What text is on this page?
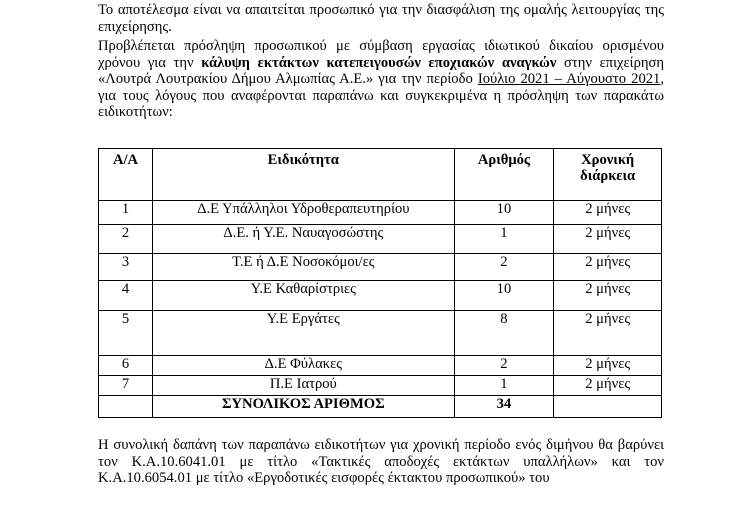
Το αποτέλεσμα είναι να απαιτείται προσωπικό για την διασφάλιση της ομαλής λειτουργίας της επιχείρησης.
Προβλέπεται πρόσληψη προσωπικού με σύμβαση εργασίας ιδιωτικού δικαίου ορισμένου χρόνου για την κάλυψη εκτάκτων κατεπειγουσών εποχιακών αναγκών στην επιχείρηση «Λουτρά Λουτρακίου Δήμου Αλμωπίας Α.Ε.» για την περίοδο Ιούλιο 2021 – Αύγουστο 2021, για τους λόγους που αναφέρονται παραπάνω και συγκεκριμένα η πρόσληψη των παρακάτω ειδικοτήτων:
Α/Α	Ειδικότητα	Αριθμός	Χρονική διάρκεια
1	Δ.Ε Υπάλληλοι Υδροθεραπευτηρίου	10	2 μήνες
2	Δ.Ε. ή Υ.Ε. Ναυαγοσώστης	1	2 μήνες
3	Τ.Ε ή Δ.Ε Νοσοκόμοι/ες	2	2 μήνες
4	Υ.Ε Καθαρίστριες	10	2 μήνες
5	Υ.Ε Εργάτες	8	2 μήνες
6	Δ.Ε Φύλακες	2	2 μήνες
7	Π.Ε Ιατρού	1	2 μήνες
	ΣΥΝΟΛΙΚΟΣ ΑΡΙΘΜΟΣ	34	
Η συνολική δαπάνη των παραπάνω ειδικοτήτων για χρονική περίοδο ενός διμήνου θα βαρύνει τον Κ.Α.10.6041.01 με τίτλο «Τακτικές αποδοχές εκτάκτων υπαλλήλων» και τον Κ.Α.10.6054.01 με τίτλο «Εργοδοτικές εισφορές έκτακτου προσωπικού» του
